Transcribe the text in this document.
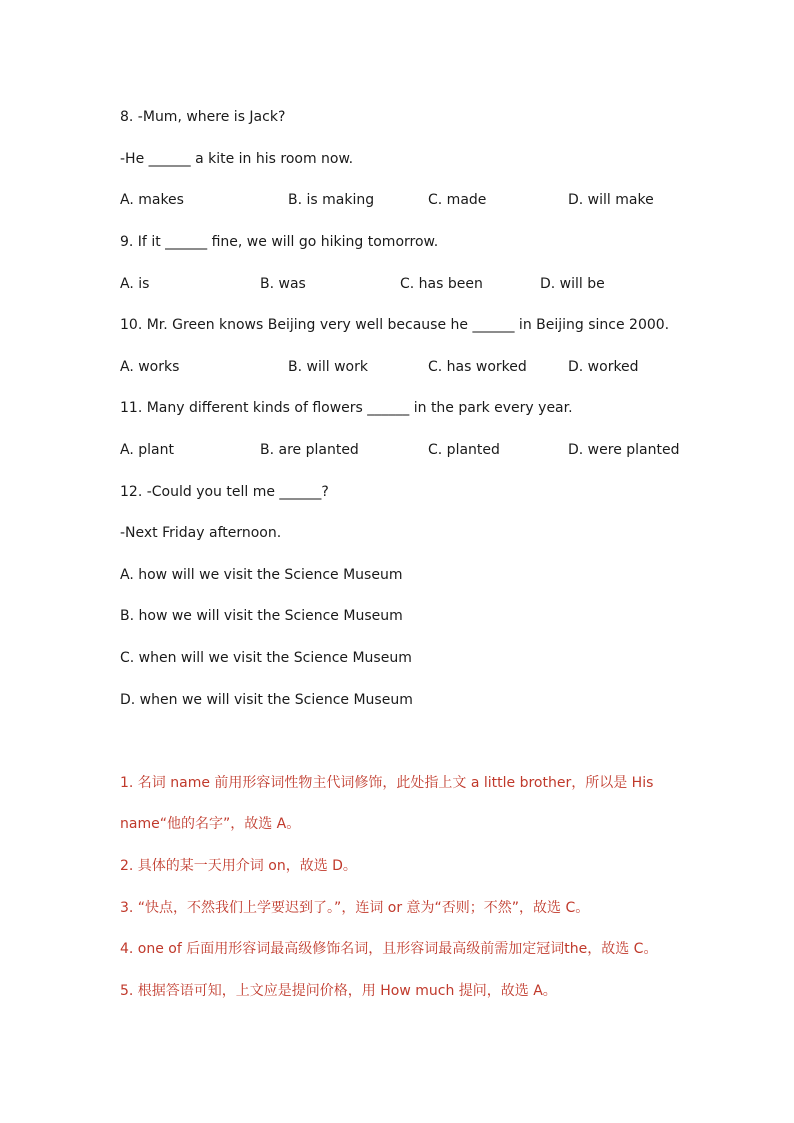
8. -Mum, where is Jack?
-He ______ a kite in his room now.
A. makes	B. is making	C. made	D. will make
9. If it ______ fine, we will go hiking tomorrow.
A. is	B. was	C. has been	D. will be
10. Mr. Green knows Beijing very well because he ______ in Beijing since 2000.
A. works	B. will work	C. has worked	D. worked
11. Many different kinds of flowers ______ in the park every year.
A. plant	B. are planted	C. planted	D. were planted
12. -Could you tell me ______?
-Next Friday afternoon.
A. how will we visit the Science Museum
B. how we will visit the Science Museum
C. when will we visit the Science Museum
D. when we will visit the Science Museum
1. 名词 name 前用形容词性物主代词修饰，此处指上文 a little brother，所以是 His
name“他的名字”，故选 A。
2. 具体的某一天用介词 on，故选 D。
3. “快点，不然我们上学要迟到了。”，连词 or 意为“否则；不然”，故选 C。
4. one of 后面用形容词最高级修饰名词，且形容词最高级前需加定冠词the，故选 C。
5. 根据答语可知，上文应是提问价格，用 How much 提问，故选 A。
